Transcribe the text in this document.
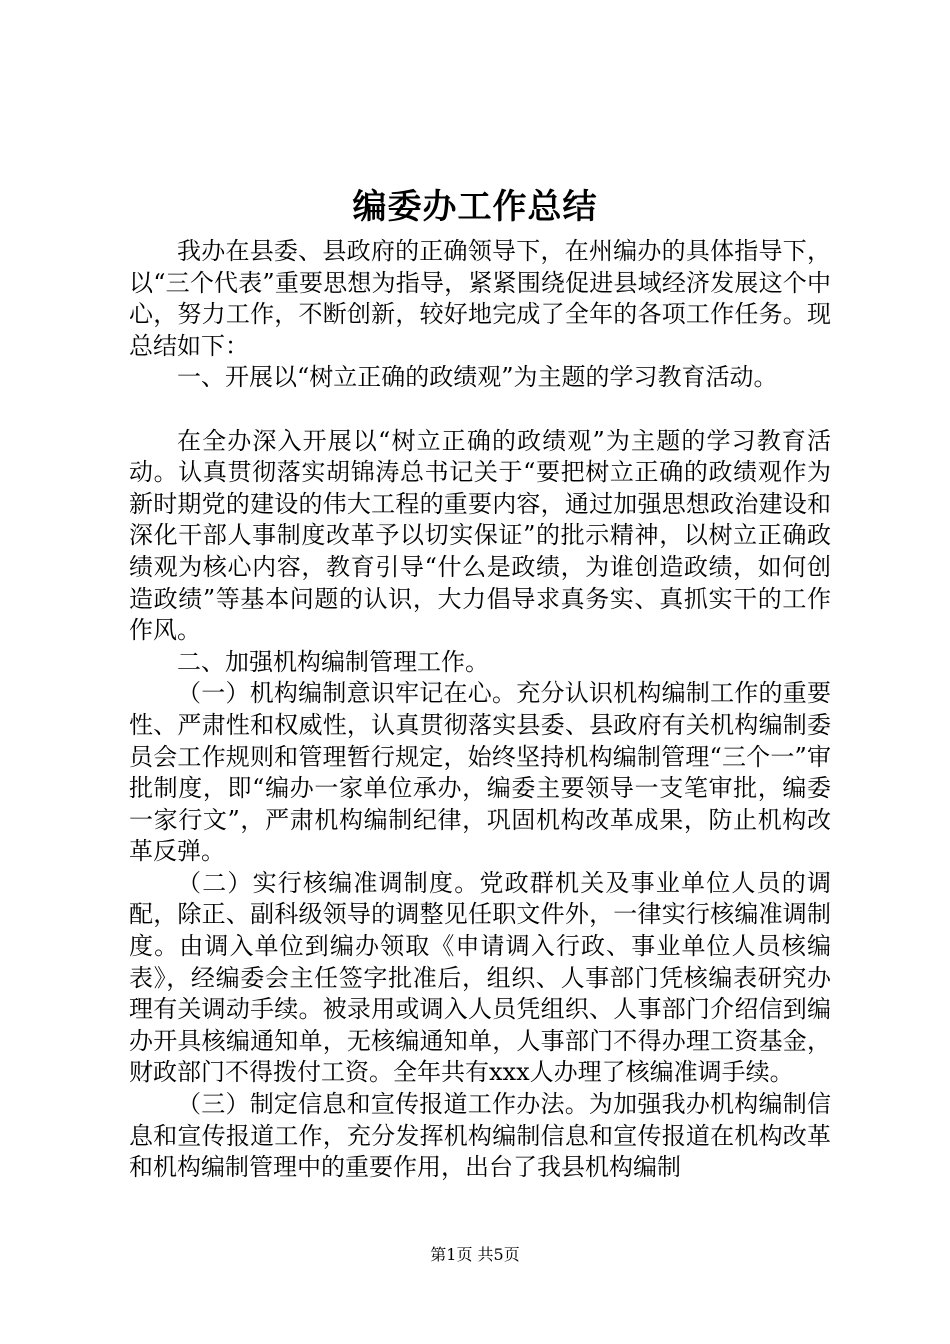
编委办工作总结

我办在县委、县政府的正确领导下，在州编办的具体指导下，以“三个代表”重要思想为指导，紧紧围绕促进县域经济发展这个中心，努力工作，不断创新，较好地完成了全年的各项工作任务。现总结如下：

一、开展以“树立正确的政绩观”为主题的学习教育活动。

在全办深入开展以“树立正确的政绩观”为主题的学习教育活动。认真贯彻落实胡锦涛总书记关于“要把树立正确的政绩观作为新时期党的建设的伟大工程的重要内容，通过加强思想政治建设和深化干部人事制度改革予以切实保证”的批示精神，以树立正确政绩观为核心内容，教育引导“什么是政绩，为谁创造政绩，如何创造政绩”等基本问题的认识，大力倡导求真务实、真抓实干的工作作风。

二、加强机构编制管理工作。

（一）机构编制意识牢记在心。充分认识机构编制工作的重要性、严肃性和权威性，认真贯彻落实县委、县政府有关机构编制委员会工作规则和管理暂行规定，始终坚持机构编制管理“三个一”审批制度，即“编办一家单位承办，编委主要领导一支笔审批，编委一家行文”，严肃机构编制纪律，巩固机构改革成果，防止机构改革反弹。

（二）实行核编准调制度。党政群机关及事业单位人员的调配，除正、副科级领导的调整见任职文件外，一律实行核编准调制度。由调入单位到编办领取《申请调入行政、事业单位人员核编表》，经编委会主任签字批准后，组织、人事部门凭核编表研究办理有关调动手续。被录用或调入人员凭组织、人事部门介绍信到编办开具核编通知单，无核编通知单，人事部门不得办理工资基金，财政部门不得拨付工资。全年共有xxx人办理了核编准调手续。

（三）制定信息和宣传报道工作办法。为加强我办机构编制信息和宣传报道工作，充分发挥机构编制信息和宣传报道在机构改革和机构编制管理中的重要作用，出台了我县机构编制

第1页 共5页
